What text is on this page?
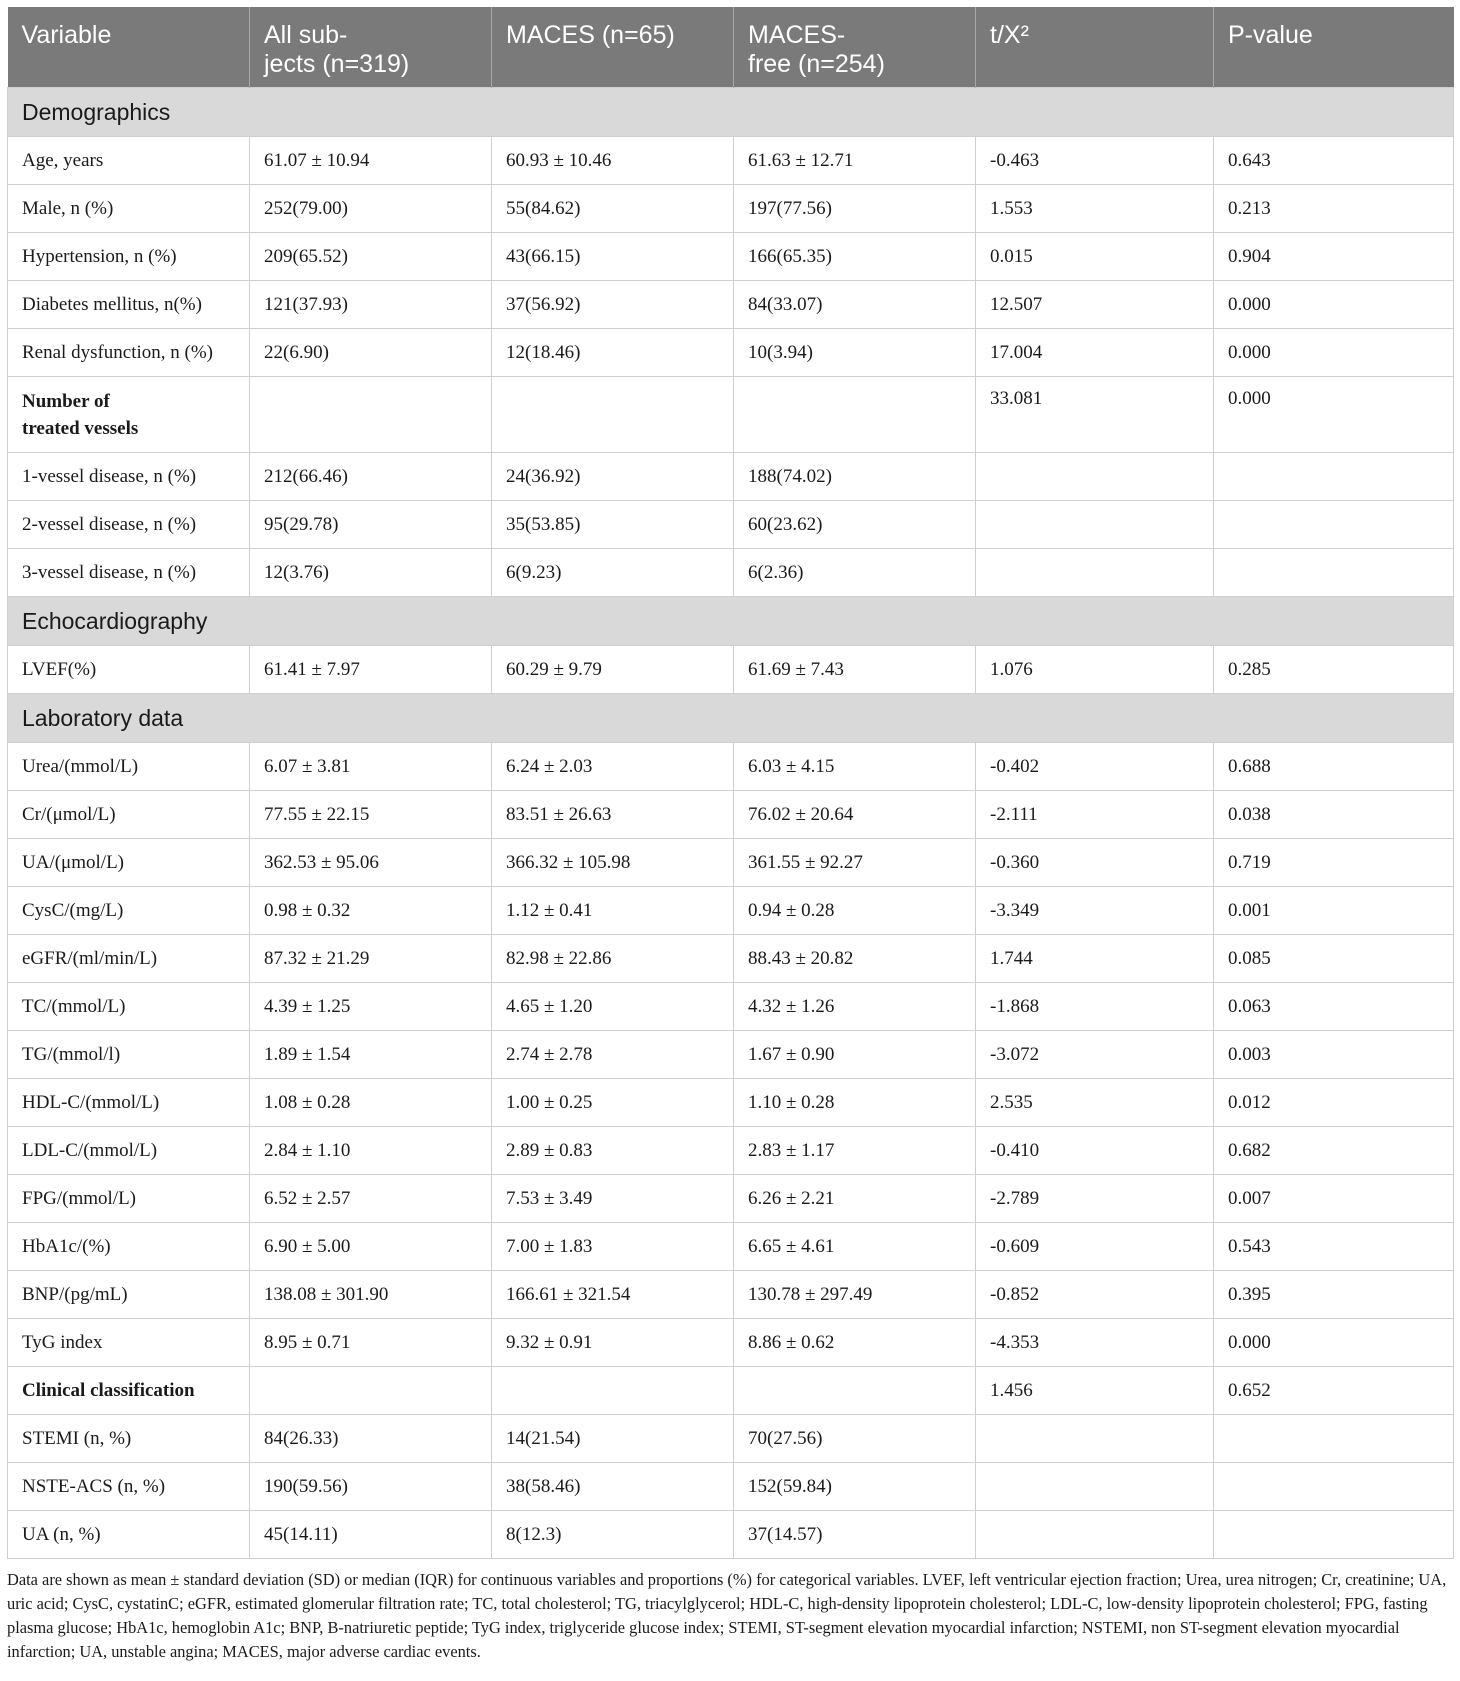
Variable	All sub-
jects (n=319)	MACES (n=65)	MACES-
free (n=254)	t/X²	P-value
Demographics					
Age, years	61.07 ± 10.94	60.93 ± 10.46	61.63 ± 12.71	-0.463	0.643
Male, n (%)	252(79.00)	55(84.62)	197(77.56)	1.553	0.213
Hypertension, n (%)	209(65.52)	43(66.15)	166(65.35)	0.015	0.904
Diabetes mellitus, n(%)	121(37.93)	37(56.92)	84(33.07)	12.507	0.000
Renal dysfunction, n (%)	22(6.90)	12(18.46)	10(3.94)	17.004	0.000
Number of
treated vessels				33.081	0.000
1-vessel disease, n (%)	212(66.46)	24(36.92)	188(74.02)		
2-vessel disease, n (%)	95(29.78)	35(53.85)	60(23.62)		
3-vessel disease, n (%)	12(3.76)	6(9.23)	6(2.36)		
Echocardiography					
LVEF(%)	61.41 ± 7.97	60.29 ± 9.79	61.69 ± 7.43	1.076	0.285
Laboratory data					
Urea/(mmol/L)	6.07 ± 3.81	6.24 ± 2.03	6.03 ± 4.15	-0.402	0.688
Cr/(μmol/L)	77.55 ± 22.15	83.51 ± 26.63	76.02 ± 20.64	-2.111	0.038
UA/(μmol/L)	362.53 ± 95.06	366.32 ± 105.98	361.55 ± 92.27	-0.360	0.719
CysC/(mg/L)	0.98 ± 0.32	1.12 ± 0.41	0.94 ± 0.28	-3.349	0.001
eGFR/(ml/min/L)	87.32 ± 21.29	82.98 ± 22.86	88.43 ± 20.82	1.744	0.085
TC/(mmol/L)	4.39 ± 1.25	4.65 ± 1.20	4.32 ± 1.26	-1.868	0.063
TG/(mmol/l)	1.89 ± 1.54	2.74 ± 2.78	1.67 ± 0.90	-3.072	0.003
HDL-C/(mmol/L)	1.08 ± 0.28	1.00 ± 0.25	1.10 ± 0.28	2.535	0.012
LDL-C/(mmol/L)	2.84 ± 1.10	2.89 ± 0.83	2.83 ± 1.17	-0.410	0.682
FPG/(mmol/L)	6.52 ± 2.57	7.53 ± 3.49	6.26 ± 2.21	-2.789	0.007
HbA1c/(%)	6.90 ± 5.00	7.00 ± 1.83	6.65 ± 4.61	-0.609	0.543
BNP/(pg/mL)	138.08 ± 301.90	166.61 ± 321.54	130.78 ± 297.49	-0.852	0.395
TyG index	8.95 ± 0.71	9.32 ± 0.91	8.86 ± 0.62	-4.353	0.000
Clinical classification				1.456	0.652
STEMI (n, %)	84(26.33)	14(21.54)	70(27.56)		
NSTE-ACS (n, %)	190(59.56)	38(58.46)	152(59.84)		
UA (n, %)	45(14.11)	8(12.3)	37(14.57)		
Data are shown as mean ± standard deviation (SD) or median (IQR) for continuous variables and proportions (%) for categorical variables. LVEF, left ventricular ejection fraction; Urea, urea nitrogen; Cr, creatinine; UA, uric acid; CysC, cystatinC; eGFR, estimated glomerular filtration rate; TC, total cholesterol; TG, triacylglycerol; HDL-C, high-density lipoprotein cholesterol; LDL-C, low-density lipoprotein cholesterol; FPG, fasting plasma glucose; HbA1c, hemoglobin A1c; BNP, B-natriuretic peptide; TyG index, triglyceride glucose index; STEMI, ST-segment elevation myocardial infarction; NSTEMI, non ST-segment elevation myocardial infarction; UA, unstable angina; MACES, major adverse cardiac events.
